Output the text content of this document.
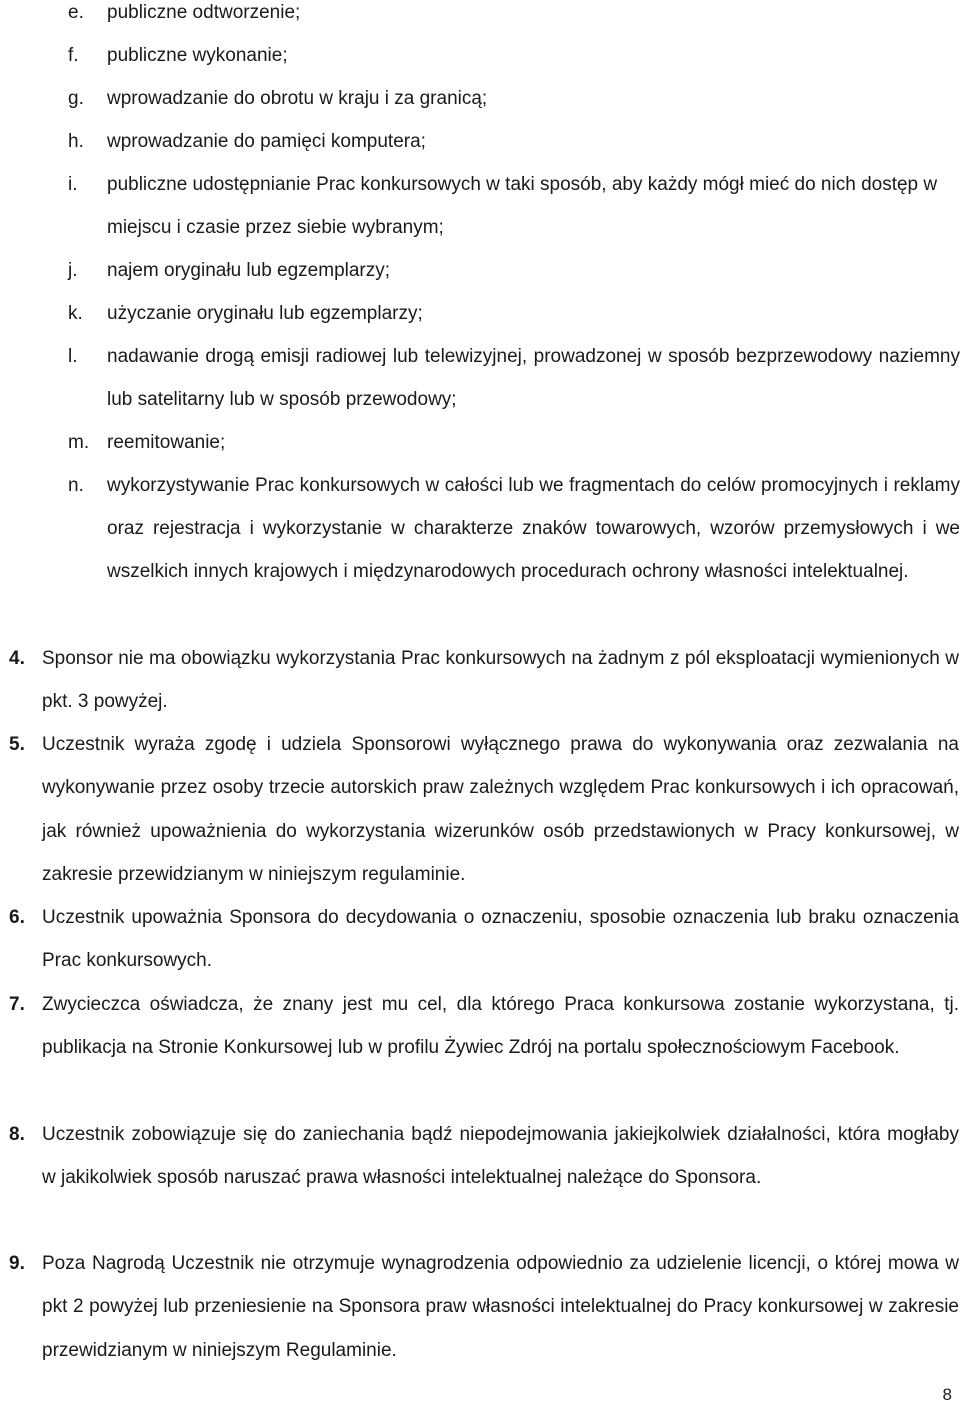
e.	publiczne odtworzenie;
f.	publiczne wykonanie;
g.	wprowadzanie do obrotu w kraju i za granicą;
h.	wprowadzanie do pamięci komputera;
i.	publiczne udostępnianie Prac konkursowych w taki sposób, aby każdy mógł mieć do nich dostęp w miejscu i czasie przez siebie wybranym;
j.	najem oryginału lub egzemplarzy;
k.	użyczanie oryginału lub egzemplarzy;
l.	nadawanie drogą emisji radiowej lub telewizyjnej, prowadzonej w sposób bezprzewodowy naziemny lub satelitarny lub w sposób przewodowy;
m. reemitowanie;
n.	wykorzystywanie Prac konkursowych w całości lub we fragmentach do celów promocyjnych i reklamy oraz rejestracja i wykorzystanie w charakterze znaków towarowych, wzorów przemysłowych i we wszelkich innych krajowych i międzynarodowych procedurach ochrony własności intelektualnej.
4. Sponsor nie ma obowiązku wykorzystania Prac konkursowych na żadnym z pól eksploatacji wymienionych w pkt. 3 powyżej.
5. Uczestnik wyraża zgodę i udziela Sponsorowi wyłącznego prawa do wykonywania oraz zezwalania na wykonywanie przez osoby trzecie autorskich praw zależnych względem Prac konkursowych i ich opracowań, jak również upoważnienia do wykorzystania wizerunków osób przedstawionych w Pracy konkursowej, w zakresie przewidzianym w niniejszym regulaminie.
6. Uczestnik upoważnia Sponsora do decydowania o oznaczeniu, sposobie oznaczenia lub braku oznaczenia Prac konkursowych.
7. Zwycieczca oświadcza, że znany jest mu cel, dla którego Praca konkursowa zostanie wykorzystana, tj. publikacja na Stronie Konkursowej lub w profilu Żywiec Zdrój na portalu społecznościowym Facebook.
8. Uczestnik zobowiązuje się do zaniechania bądź niepodejmowania jakiejkolwiek działalności, która mogłaby w jakikolwiek sposób naruszać prawa własności intelektualnej należące do Sponsora.
9. Poza Nagrodą Uczestnik nie otrzymuje wynagrodzenia odpowiednio za udzielenie licencji, o której mowa w pkt 2 powyżej lub przeniesienie na Sponsora praw własności intelektualnej do Pracy konkursowej w zakresie przewidzianym w niniejszym Regulaminie.
8
